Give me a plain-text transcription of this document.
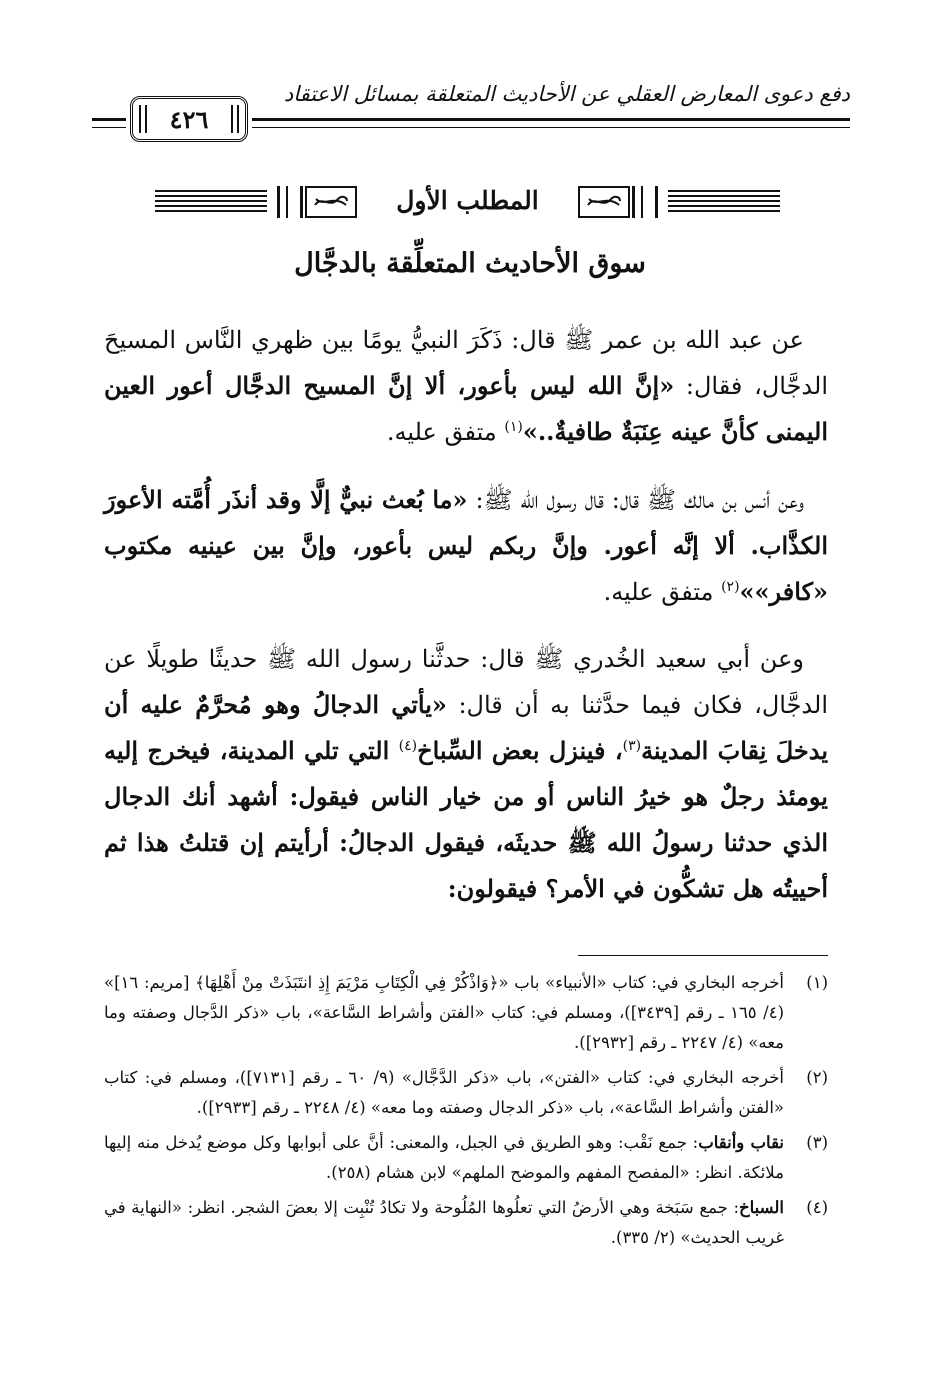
دفع دعوى المعارض العقلي عن الأحاديث المتعلقة بمسائل الاعتقاد
٤٢٦
المطلب الأول
سوق الأحاديث المتعلِّقة بالدجَّال

عن عبد الله بن عمر ﷺ قال: ذَكَرَ النبيُّ يومًا بين ظهري النَّاس المسيحَ الدجَّال، فقال: «إنَّ الله ليس بأعور، ألا إنَّ المسيح الدجَّال أعور العين اليمنى كأنَّ عينه عِنَبَةٌ طافيةٌ..»$^{(١)}$ متفق عليه.

وعن أنس بن مالك ﷺ قال: قال رسول الله ﷺ: «ما بُعث نبيٌّ إلَّا وقد أنذَر أُمَّته الأعورَ الكذَّاب. ألا إنَّه أعور. وإنَّ ربكم ليس بأعور، وإنَّ بين عينيه مكتوب «كافر»»$^{(٢)}$ متفق عليه.

وعن أبي سعيد الخُدري ﷺ قال: حدثَّنا رسول الله ﷺ حديثًا طويلًا عن الدجَّال، فكان فيما حدَّثنا به أن قال: «يأتي الدجالُ وهو مُحرَّمٌ عليه أن يدخلَ نِقابَ المدينة$^{(٣)}$، فينزل بعض السِّباخ$^{(٤)}$ التي تلي المدينة، فيخرج إليه يومئذ رجلٌ هو خيرُ الناس أو من خيار الناس فيقول: أشهد أنك الدجال الذي حدثنا رسولُ الله ﷺ حديثَه، فيقول الدجالُ: أرأيتم إن قتلتُ هذا ثم أحييتُه هل تشكُّون في الأمر؟ فيقولون:

(١)
أخرجه البخاري في: كتاب «الأنبياء» باب «﴿وَاذْكُرْ فِي الْكِتَابِ مَرْيَمَ إِذِ انتَبَذَتْ مِنْ أَهْلِهَا﴾ [مريم: ١٦]» (٤/ ١٦٥ ـ رقم [٣٤٣٩])، ومسلم في: كتاب «الفتن وأشراط السَّاعة»، باب «ذكر الدَّجال وصفته وما معه» (٤/ ٢٢٤٧ ـ رقم [٢٩٣٢]).
(٢)
أخرجه البخاري في: كتاب «الفتن»، باب «ذكر الدَّجَّال» (٩/ ٦٠ ـ رقم [٧١٣١])، ومسلم في: كتاب «الفتن وأشراط السَّاعة»، باب «ذكر الدجال وصفته وما معه» (٤/ ٢٢٤٨ ـ رقم [٢٩٣٣]).
(٣)
نقاب وأنقاب: جمع نَقْب: وهو الطريق في الجبل، والمعنى: أنَّ على أبوابها وكل موضع يُدخل منه إليها ملائكة. انظر: «المفصح المفهم والموضح الملهم» لابن هشام (٢٥٨).
(٤)
السباخ: جمع سَبَخة وهي الأرضُ التي تعلُوها المُلُوحة ولا تكادُ تُنْبِت إلا بعضَ الشجر. انظر: «النهاية في غريب الحديث» (٢/ ٣٣٥).
